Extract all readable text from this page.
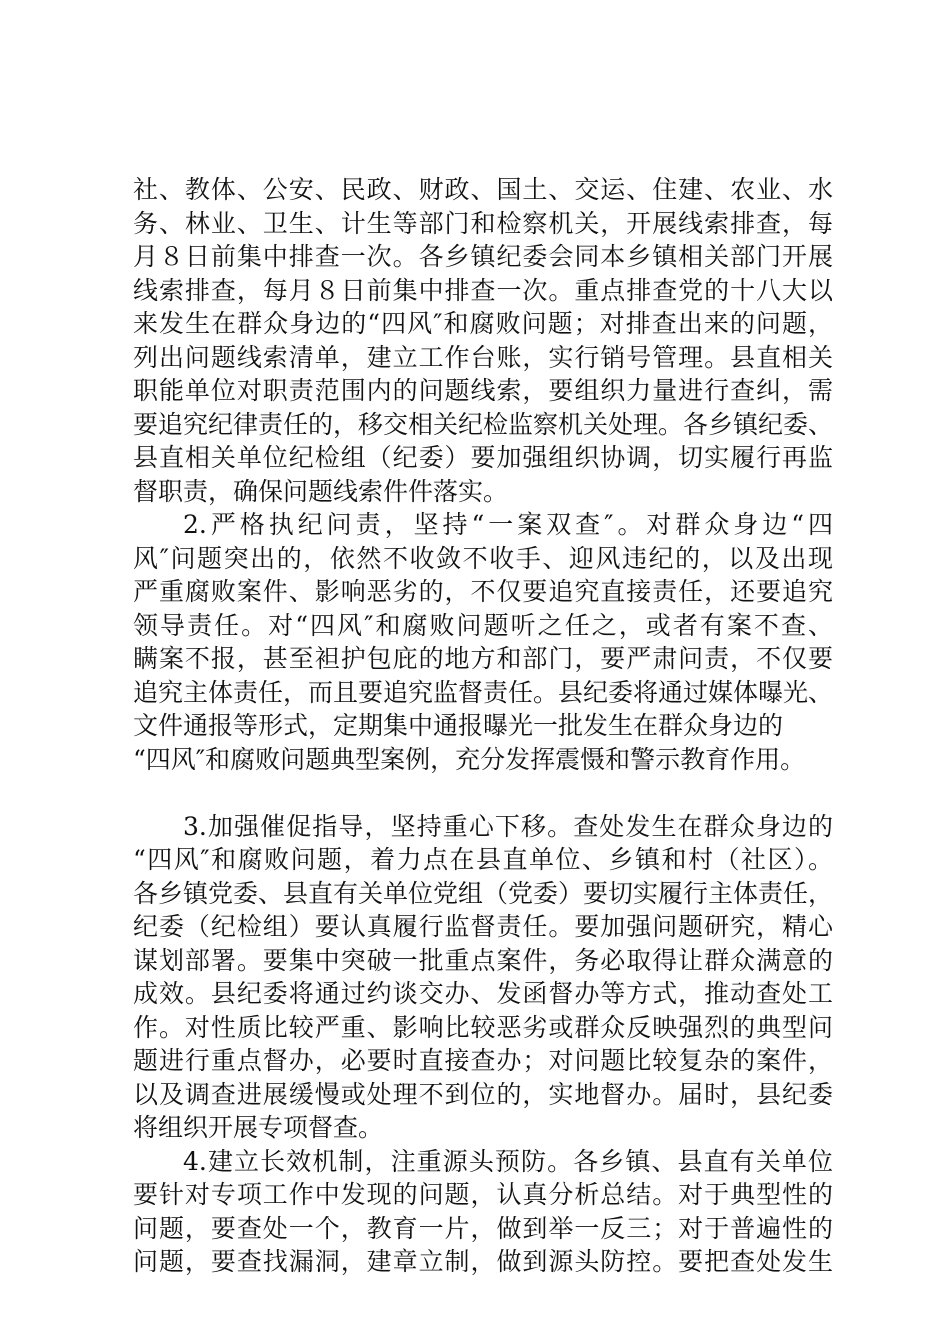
社、教体、公安、民政、财政、国土、交运、住建、农业、水
务、林业、卫生、计生等部门和检察机关，开展线索排查，每
月８日前集中排查一次。各乡镇纪委会同本乡镇相关部门开展
线索排查，每月８日前集中排查一次。重点排查党的十八大以
来发生在群众身边的“四风″和腐败问题；对排查出来的问题，
列出问题线索清单，建立工作台账，实行销号管理。县直相关
职能单位对职责范围内的问题线索，要组织力量进行查纠，需
要追究纪律责任的，移交相关纪检监察机关处理。各乡镇纪委、
县直相关单位纪检组（纪委）要加强组织协调，切实履行再监
督职责，确保问题线索件件落实。
2.严格执纪问责，坚持“一案双查″。对群众身边“四
风″问题突出的，依然不收敛不收手、迎风违纪的，以及出现
严重腐败案件、影响恶劣的，不仅要追究直接责任，还要追究
领导责任。对“四风″和腐败问题听之任之，或者有案不查、
瞒案不报，甚至袒护包庇的地方和部门，要严肃问责，不仅要
追究主体责任，而且要追究监督责任。县纪委将通过媒体曝光、
文件通报等形式，定期集中通报曝光一批发生在群众身边的
“四风″和腐败问题典型案例，充分发挥震慑和警示教育作用。
3.加强催促指导，坚持重心下移。查处发生在群众身边的
“四风″和腐败问题，着力点在县直单位、乡镇和村（社区）。
各乡镇党委、县直有关单位党组（党委）要切实履行主体责任，
纪委（纪检组）要认真履行监督责任。要加强问题研究，精心
谋划部署。要集中突破一批重点案件，务必取得让群众满意的
成效。县纪委将通过约谈交办、发函督办等方式，推动查处工
作。对性质比较严重、影响比较恶劣或群众反映强烈的典型问
题进行重点督办，必要时直接查办；对问题比较复杂的案件，
以及调查进展缓慢或处理不到位的，实地督办。届时，县纪委
将组织开展专项督查。
4.建立长效机制，注重源头预防。各乡镇、县直有关单位
要针对专项工作中发现的问题，认真分析总结。对于典型性的
问题，要查处一个，教育一片，做到举一反三；对于普遍性的
问题，要查找漏洞，建章立制，做到源头防控。要把查处发生
